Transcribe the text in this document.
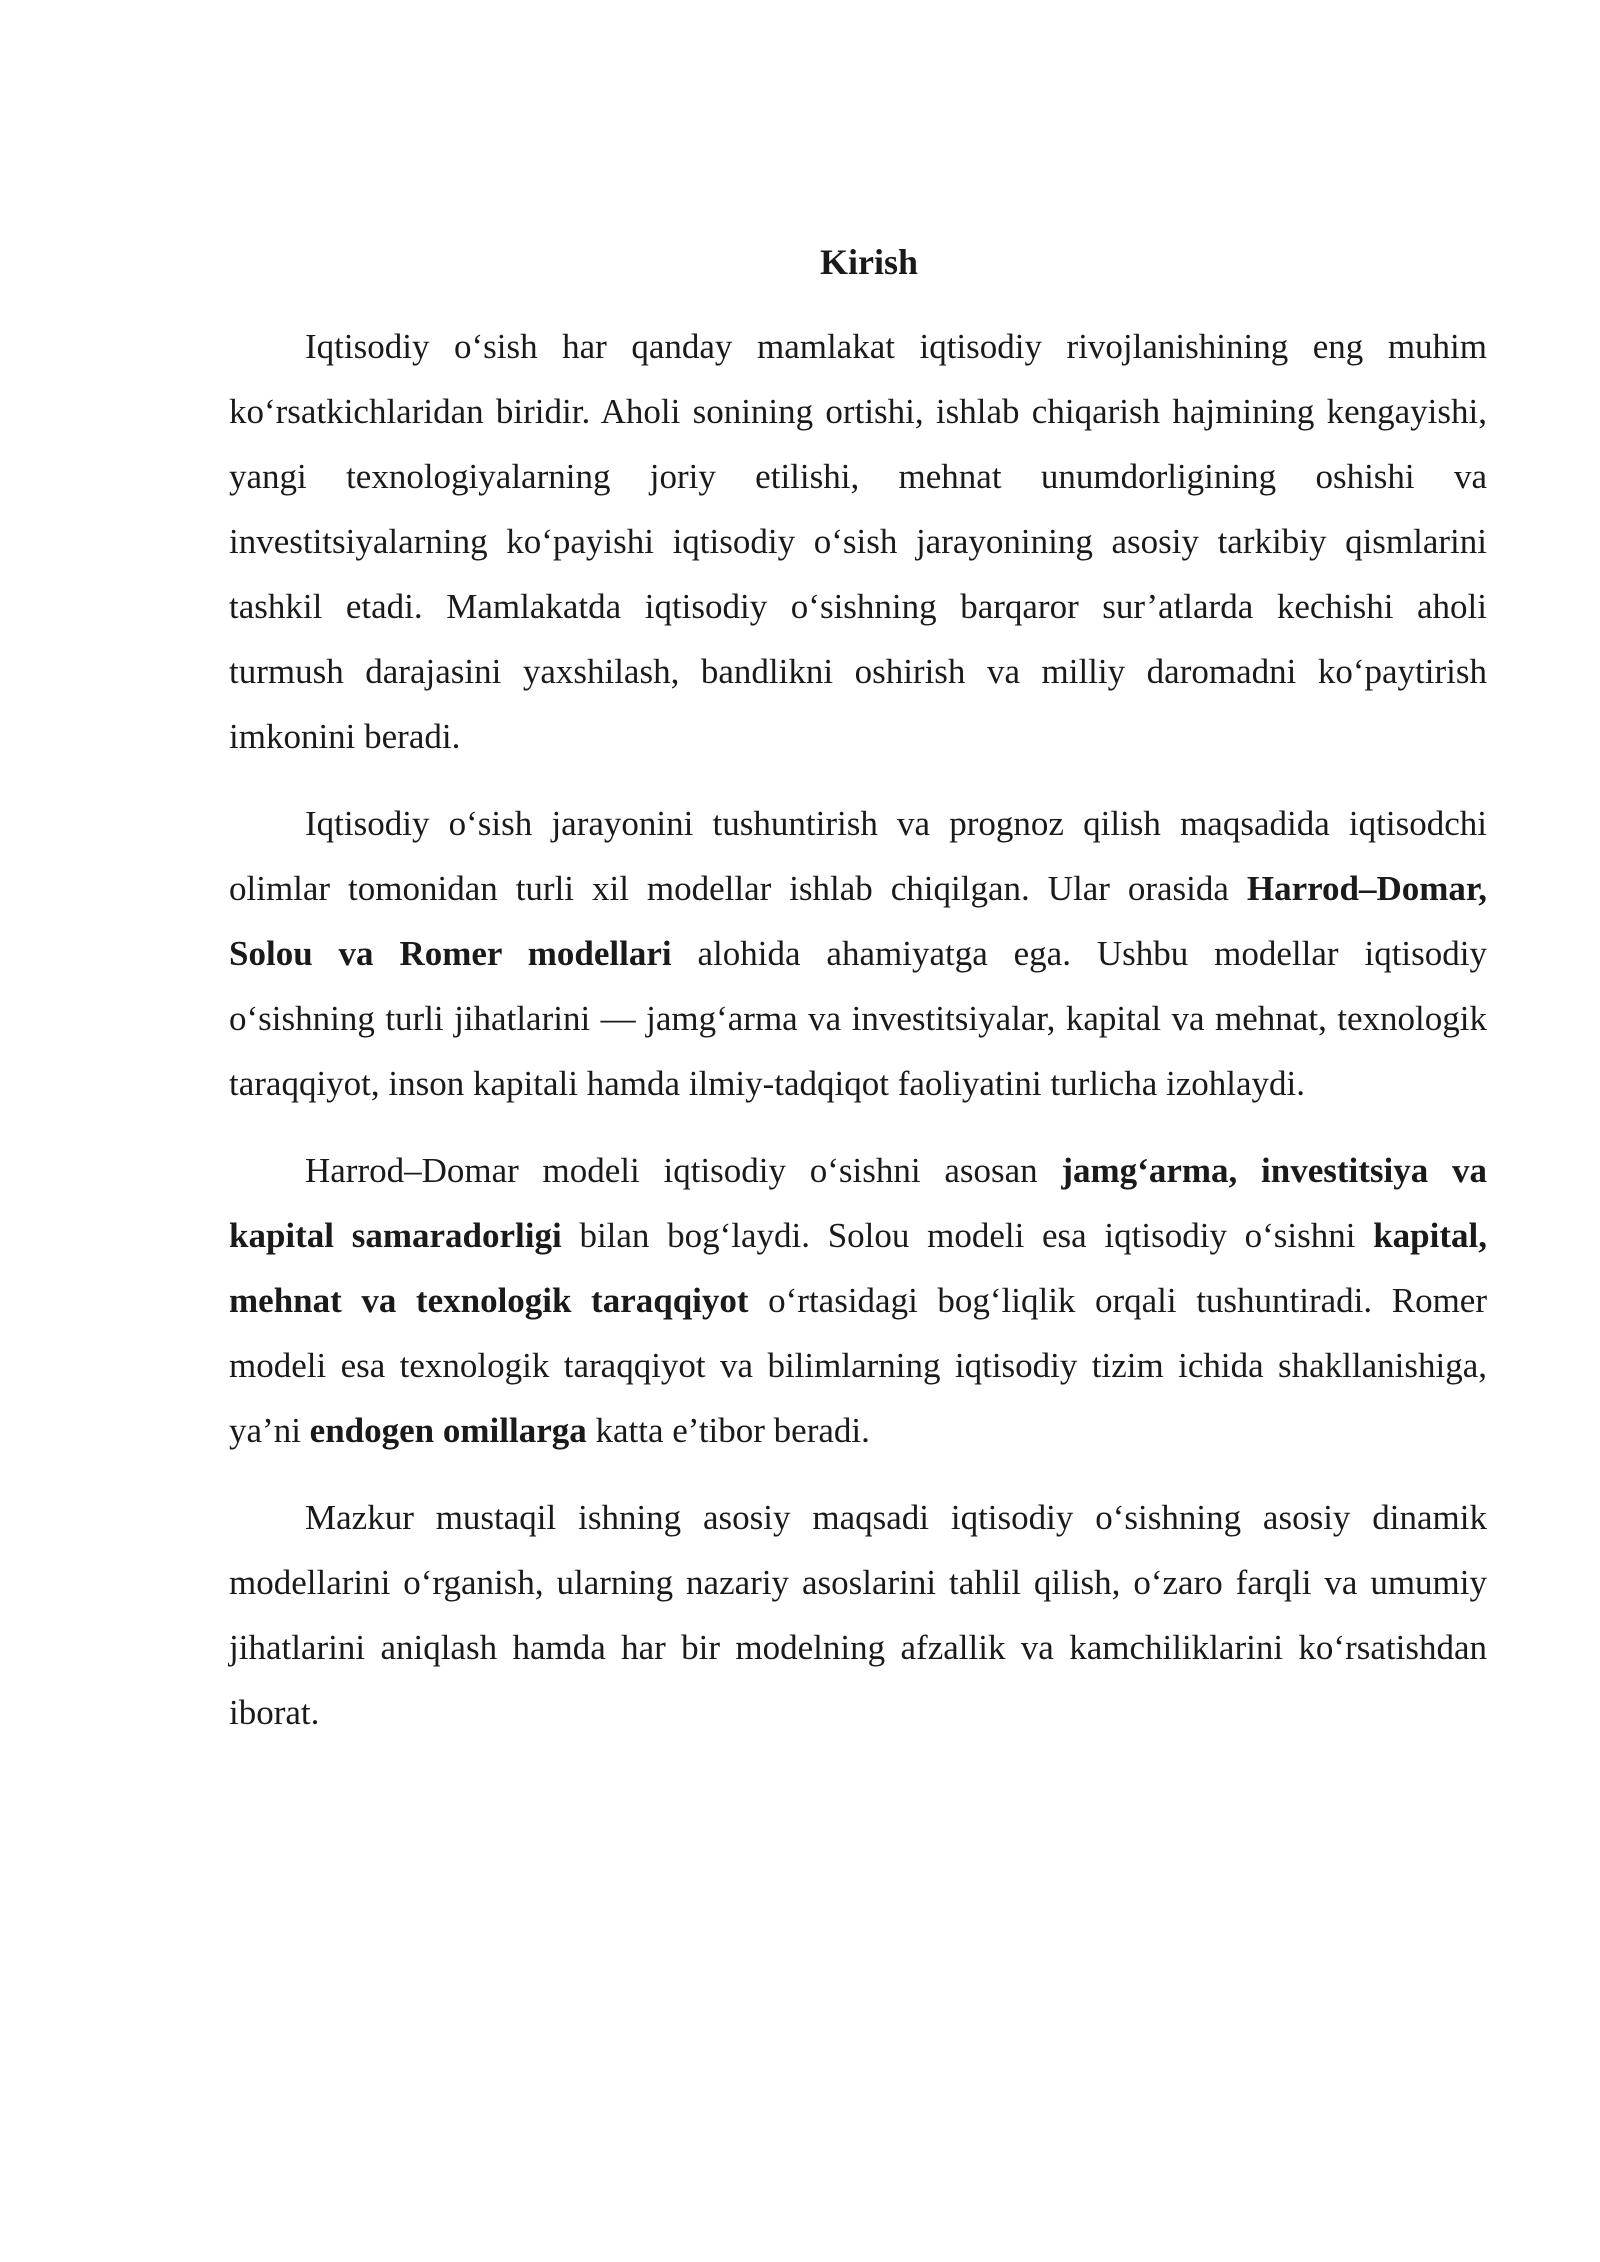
Kirish

Iqtisodiy o‘sish har qanday mamlakat iqtisodiy rivojlanishining eng muhim ko‘rsatkichlaridan biridir. Aholi sonining ortishi, ishlab chiqarish hajmining kengayishi, yangi texnologiyalarning joriy etilishi, mehnat unumdorligining oshishi va investitsiyalarning ko‘payishi iqtisodiy o‘sish jarayonining asosiy tarkibiy qismlarini tashkil etadi. Mamlakatda iqtisodiy o‘sishning barqaror sur’atlarda kechishi aholi turmush darajasini yaxshilash, bandlikni oshirish va milliy daromadni ko‘paytirish imkonini beradi.

Iqtisodiy o‘sish jarayonini tushuntirish va prognoz qilish maqsadida iqtisodchi olimlar tomonidan turli xil modellar ishlab chiqilgan. Ular orasida Harrod–Domar, Solou va Romer modellari alohida ahamiyatga ega. Ushbu modellar iqtisodiy o‘sishning turli jihatlarini — jamg‘arma va investitsiyalar, kapital va mehnat, texnologik taraqqiyot, inson kapitali hamda ilmiy-tadqiqot faoliyatini turlicha izohlaydi.

Harrod–Domar modeli iqtisodiy o‘sishni asosan jamg‘arma, investitsiya va kapital samaradorligi bilan bog‘laydi. Solou modeli esa iqtisodiy o‘sishni kapital, mehnat va texnologik taraqqiyot o‘rtasidagi bog‘liqlik orqali tushuntiradi. Romer modeli esa texnologik taraqqiyot va bilimlarning iqtisodiy tizim ichida shakllanishiga, ya’ni endogen omillarga katta e’tibor beradi.

Mazkur mustaqil ishning asosiy maqsadi iqtisodiy o‘sishning asosiy dinamik modellarini o‘rganish, ularning nazariy asoslarini tahlil qilish, o‘zaro farqli va umumiy jihatlarini aniqlash hamda har bir modelning afzallik va kamchiliklarini ko‘rsatishdan iborat.
